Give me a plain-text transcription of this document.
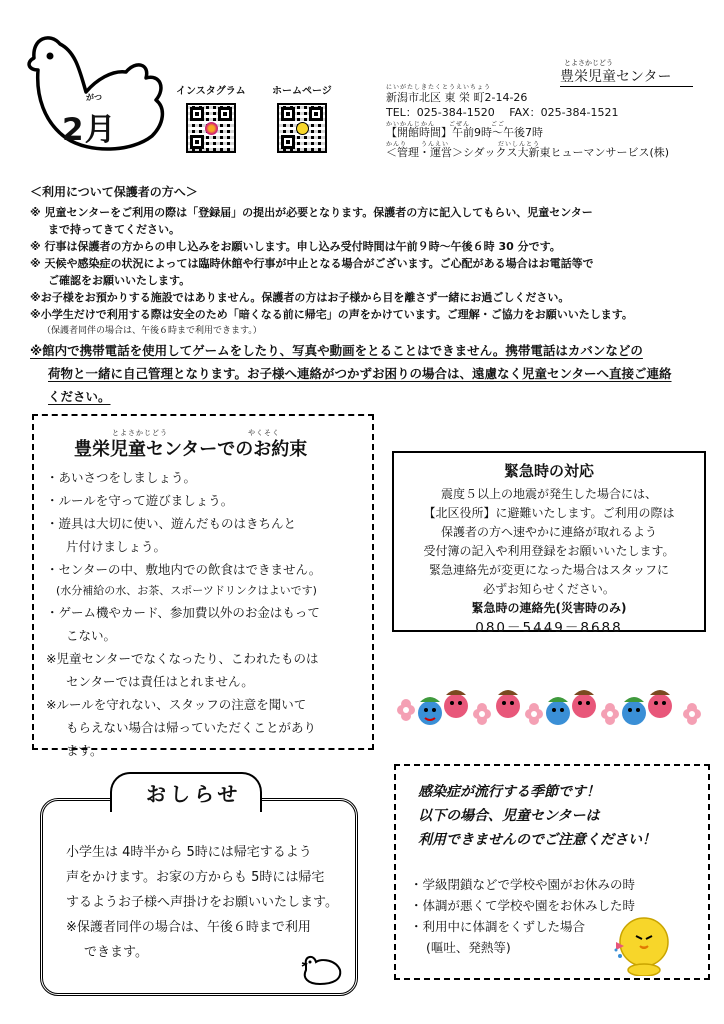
がつ
2月
インスタグラム	ホームページ
とよさかじどう
豊栄児童センター
にいがたしきたくとうえいちょう
新潟市北区 東 栄 町2-14-26
TEL：025-384-1520　 FAX：025-384-1521
かいかんじかん　　ごぜん　　　ごご
【開館時間】午前9時～午後7時
かんり　　うんえい　　　　　　　だいしんとう
＜管理・運営＞シダックス大新東ヒューマンサービス(株)
＜利用について保護者の方へ＞
※ 児童センターをご利用の際は「登録届」の提出が必要となります。保護者の方に記入してもらい、児童センター
まで持ってきてください。
※ 行事は保護者の方からの申し込みをお願いします。申し込み受付時間は午前９時～午後６時 30 分です。
※ 天候や感染症の状況によっては臨時休館や行事が中止となる場合がございます。ご心配がある場合はお電話等で
ご確認をお願いいたします。
※お子様をお預かりする施設ではありません。保護者の方はお子様から目を離さず一緒にお過ごしください。
※小学生だけで利用する際は安全のため「暗くなる前に帰宅」の声をかけています。ご理解・ご協力をお願いいたします。
（保護者同伴の場合は、午後６時まで利用できます。）
※館内で携帯電話を使用してゲームをしたり、写真や動画をとることはできません。携帯電話はカバンなどの
荷物と一緒に自己管理となります。お子様へ連絡がつかずお困りの場合は、遠慮なく児童センターへ直接ご連絡
ください。
とよさかじどう　　　　　　　　　　やくそく
豊栄児童センターでのお約束
・あいさつをしましょう。
・ルールを守って遊びましょう。
・遊具は大切に使い、遊んだものはきちんと
片付けましょう。
・センターの中、敷地内での飲食はできません。
(水分補給の水、お茶、スポーツドリンクはよいです)
・ゲーム機やカード、参加費以外のお金はもって
こない。
※児童センターでなくなったり、こわれたものは
センターでは責任はとれません。
※ルールを守れない、スタッフの注意を聞いて
もらえない場合は帰っていただくことがあり
ます。
緊急時の対応
震度５以上の地震が発生した場合には、
【北区役所】に避難いたします。ご利用の際は
保護者の方へ速やかに連絡が取れるよう
受付簿の記入や利用登録をお願いいたします。
緊急連絡先が変更になった場合はスタッフに
必ずお知らせください。
緊急時の連絡先(災害時のみ)
080－5449－8688
おしらせ
小学生は 4時半から 5時には帰宅するよう
声をかけます。お家の方からも 5時には帰宅
するようお子様へ声掛けをお願いいたします。
※保護者同伴の場合は、午後６時まで利用
できます。
感染症が流行する季節です！
以下の場合、児童センターは
利用できませんのでご注意ください！
・学級閉鎖などで学校や園がお休みの時
・体調が悪くて学校や園をお休みした時
・利用中に体調をくずした場合
(嘔吐、発熱等)
